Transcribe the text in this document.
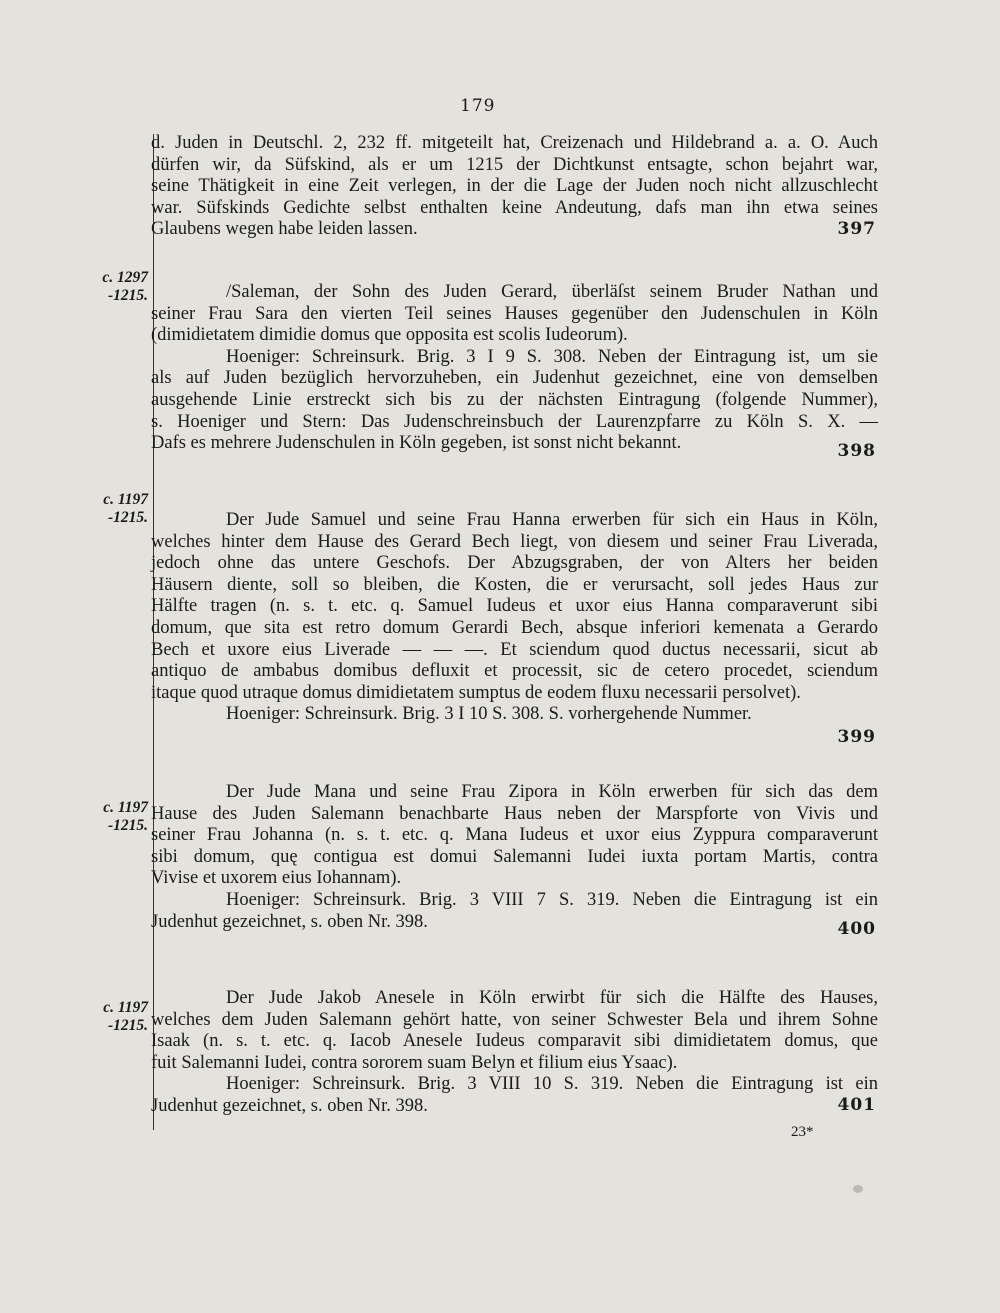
179
d. Juden in Deutschl. 2, 232 ff. mitgeteilt hat, Creizenach und Hildebrand a. a. O. Auch
dürfen wir, da Süfskind, als er um 1215 der Dichtkunst entsagte, schon bejahrt war,
seine Thätigkeit in eine Zeit verlegen, in der die Lage der Juden noch nicht allzuschlecht
war. Süfskinds Gedichte selbst enthalten keine Andeutung, dafs man ihn etwa seines
Glaubens wegen habe leiden lassen.	397
c. 1297
-1215.	/Saleman, der Sohn des Juden Gerard, überläſst seinem Bruder Nathan und
seiner Frau Sara den vierten Teil seines Hauses gegenüber den Judenschulen in Köln
(dimidietatem dimidie domus que opposita est scolis Iudeorum).
Hoeniger: Schreinsurk. Brig. 3 I 9 S. 308. Neben der Eintragung ist, um sie
als auf Juden bezüglich hervorzuheben, ein Judenhut gezeichnet, eine von demselben
ausgehende Linie erstreckt sich bis zu der nächsten Eintragung (folgende Nummer),
s. Hoeniger und Stern: Das Judenschreinsbuch der Laurenzpfarre zu Köln S. X. —
Dafs es mehrere Judenschulen in Köln gegeben, ist sonst nicht bekannt.	398
c. 1197
-1215.	Der Jude Samuel und seine Frau Hanna erwerben für sich ein Haus in Köln,
welches hinter dem Hause des Gerard Bech liegt, von diesem und seiner Frau Liverada,
jedoch ohne das untere Geschofs. Der Abzugsgraben, der von Alters her beiden
Häusern diente, soll so bleiben, die Kosten, die er verursacht, soll jedes Haus zur
Hälfte tragen (n. s. t. etc. q. Samuel Iudeus et uxor eius Hanna comparaverunt sibi
domum, que sita est retro domum Gerardi Bech, absque inferiori kemenata a Gerardo
Bech et uxore eius Liverade — — —. Et sciendum quod ductus necessarii, sicut ab
antiquo de ambabus domibus defluxit et processit, sic de cetero procedet, sciendum
itaque quod utraque domus dimidietatem sumptus de eodem fluxu necessarii persolvet).
Hoeniger: Schreinsurk. Brig. 3 I 10 S. 308. S. vorhergehende Nummer.
399
c. 1197
-1215.
Der Jude Mana und seine Frau Zipora in Köln erwerben für sich das dem
Hause des Juden Salemann benachbarte Haus neben der Marspforte von Vivis und
seiner Frau Johanna (n. s. t. etc. q. Mana Iudeus et uxor eius Zyppura comparaverunt
sibi domum, quę contigua est domui Salemanni Iudei iuxta portam Martis, contra
Vivise et uxorem eius Iohannam).
Hoeniger: Schreinsurk. Brig. 3 VIII 7 S. 319. Neben die Eintragung ist ein
Judenhut gezeichnet, s. oben Nr. 398.	400
c. 1197
-1215.
Der Jude Jakob Anesele in Köln erwirbt für sich die Hälfte des Hauses,
welches dem Juden Salemann gehört hatte, von seiner Schwester Bela und ihrem Sohne
Isaak (n. s. t. etc. q. Iacob Anesele Iudeus comparavit sibi dimidietatem domus, que
fuit Salemanni Iudei, contra sororem suam Belyn et filium eius Ysaac).
Hoeniger: Schreinsurk. Brig. 3 VIII 10 S. 319. Neben die Eintragung ist ein
Judenhut gezeichnet, s. oben Nr. 398.	401
23*
